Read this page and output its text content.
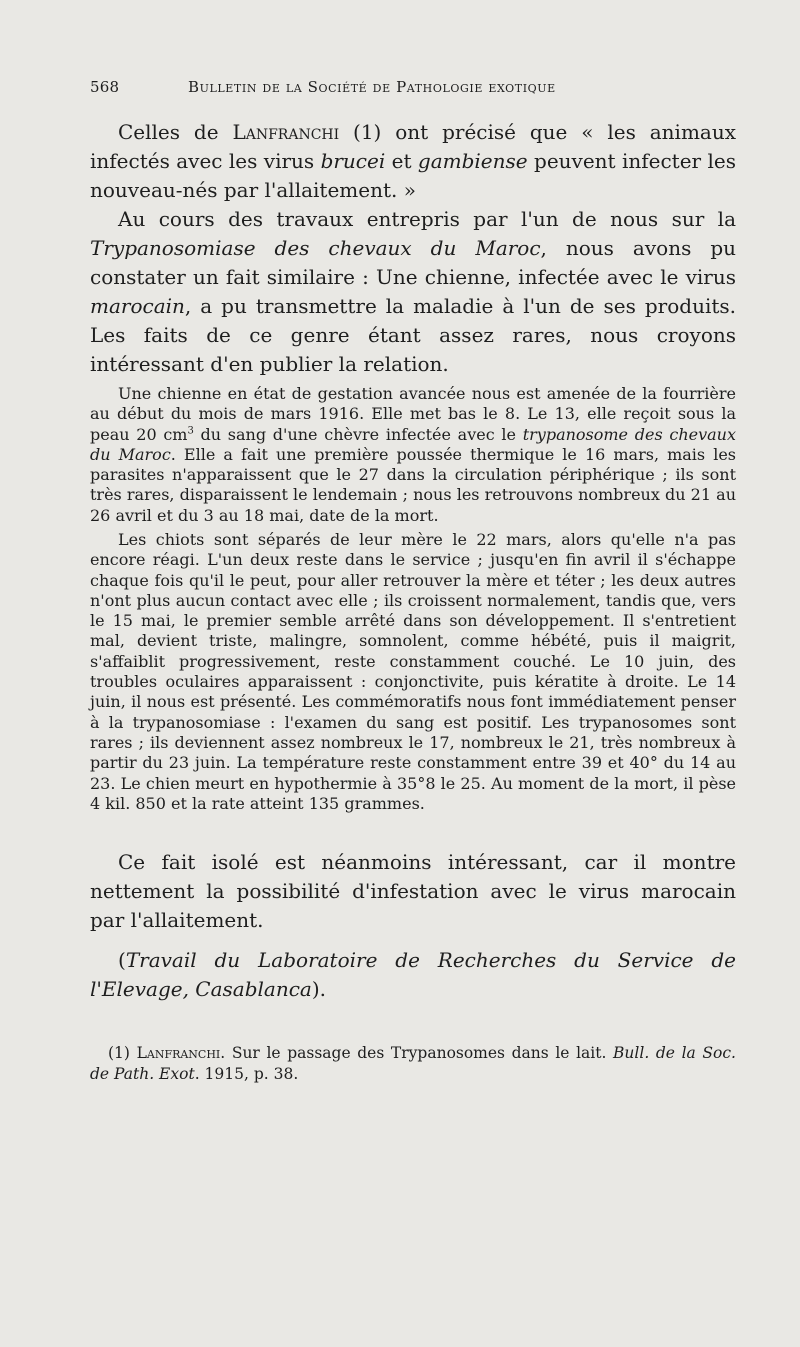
568	Bulletin de la Société de Pathologie exotique

Celles de Lanfranchi (1) ont précisé que « les animaux infectés avec les virus brucei et gambiense peuvent infecter les nouveau-nés par l'allaitement. »

Au cours des travaux entrepris par l'un de nous sur la Trypanosomiase des chevaux du Maroc, nous avons pu constater un fait similaire : Une chienne, infectée avec le virus marocain, a pu transmettre la maladie à l'un de ses produits. Les faits de ce genre étant assez rares, nous croyons intéressant d'en publier la relation.

Une chienne en état de gestation avancée nous est amenée de la fourrière au début du mois de mars 1916. Elle met bas le 8. Le 13, elle reçoit sous la peau 20 $cm^3$ du sang d'une chèvre infectée avec le trypanosome des chevaux du Maroc. Elle a fait une première poussée thermique le 16 mars, mais les parasites n'apparaissent que le 27 dans la circulation périphérique ; ils sont très rares, disparaissent le lendemain ; nous les retrouvons nombreux du 21 au 26 avril et du 3 au 18 mai, date de la mort.

Les chiots sont séparés de leur mère le 22 mars, alors qu'elle n'a pas encore réagi. L'un deux reste dans le service ; jusqu'en fin avril il s'échappe chaque fois qu'il le peut, pour aller retrouver la mère et téter ; les deux autres n'ont plus aucun contact avec elle ; ils croissent normalement, tandis que, vers le 15 mai, le premier semble arrêté dans son développement. Il s'entretient mal, devient triste, malingre, somnolent, comme hébété, puis il maigrit, s'affaiblit progressivement, reste constamment couché. Le 10 juin, des troubles oculaires apparaissent : conjonctivite, puis kératite à droite. Le 14 juin, il nous est présenté. Les commémoratifs nous font immédiatement penser à la trypanosomiase : l'examen du sang est positif. Les trypanosomes sont rares ; ils deviennent assez nombreux le 17, nombreux le 21, très nombreux à partir du 23 juin. La température reste constamment entre 39 et 40° du 14 au 23. Le chien meurt en hypothermie à 35°8 le 25. Au moment de la mort, il pèse 4 kil. 850 et la rate atteint 135 grammes.

Ce fait isolé est néanmoins intéressant, car il montre nettement la possibilité d'infestation avec le virus marocain par l'allaitement.

(Travail du Laboratoire de Recherches du Service de l'Elevage, Casablanca).

(1) Lanfranchi. Sur le passage des Trypanosomes dans le lait. Bull. de la Soc. de Path. Exot. 1915, p. 38.
